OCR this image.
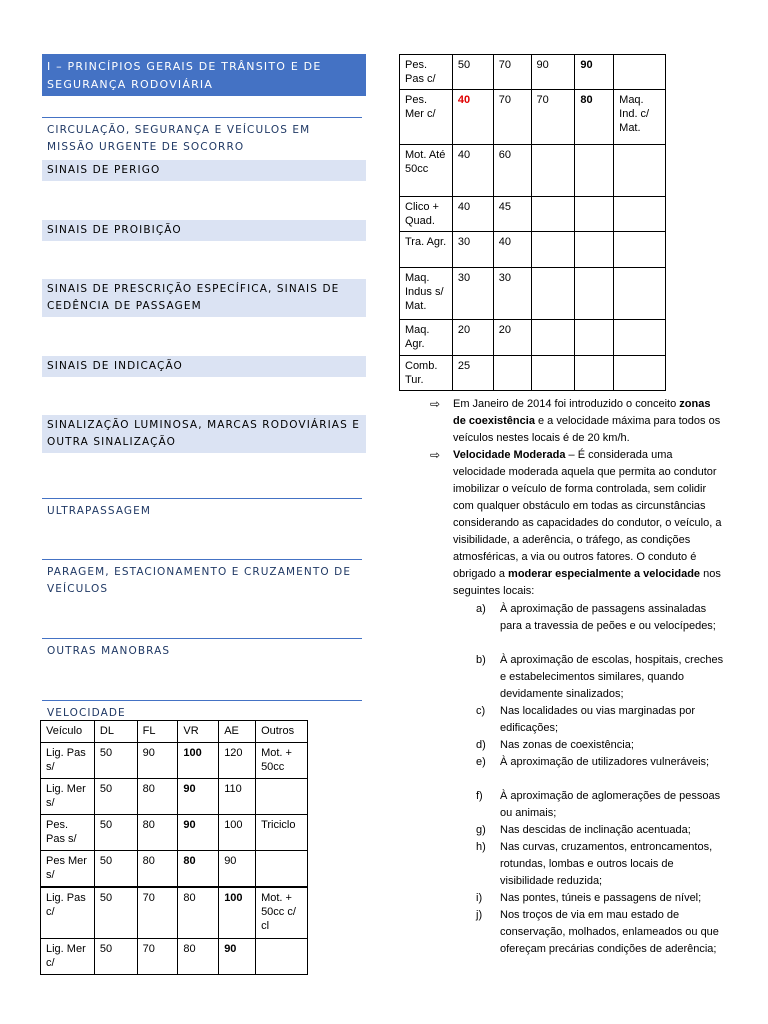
I – PRINCÍPIOS GERAIS DE TRÂNSITO E DE SEGURANÇA RODOVIÁRIA
CIRCULAÇÃO, SEGURANÇA E VEÍCULOS EM MISSÃO URGENTE DE SOCORRO
SINAIS DE PERIGO
SINAIS DE PROIBIÇÃO
SINAIS DE PRESCRIÇÃO ESPECÍFICA, SINAIS DE CEDÊNCIA DE PASSAGEM
SINAIS DE INDICAÇÃO
SINALIZAÇÃO LUMINOSA, MARCAS RODOVIÁRIAS E OUTRA SINALIZAÇÃO
ULTRAPASSAGEM
PARAGEM, ESTACIONAMENTO E CRUZAMENTO DE VEÍCULOS
OUTRAS MANOBRAS
VELOCIDADE
Veículo	DL	FL	VR	AE	Outros
Lig. Pas s/	50	90	100	120	Mot. + 50cc
Lig. Mer s/	50	80	90	110	
Pes. Pas s/	50	80	90	100	Triciclo
Pes Mer s/	50	80	80	90	
Lig. Pas c/	50	70	80	100	Mot. + 50cc c/ cl
Lig. Mer c/	50	70	80	90	
Pes. Pas c/	50	70	90	90	
Pes. Mer c/	40	70	70	80	Maq. Ind. c/ Mat.
Mot. Até 50cc	40	60			
Clico + Quad.	40	45			
Tra. Agr.	30	40			
Maq. Indus s/ Mat.	30	30			
Maq. Agr.	20	20			
Comb. Tur.	25				
⇨ Em Janeiro de 2014 foi introduzido o conceito zonas de coexistência e a velocidade máxima para todos os veículos nestes locais é de 20 km/h.
⇨ Velocidade Moderada – É considerada uma velocidade moderada aquela que permita ao condutor imobilizar o veículo de forma controlada, sem colidir com qualquer obstáculo em todas as circunstâncias considerando as capacidades do condutor, o veículo, a visibilidade, a aderência, o tráfego, as condições atmosféricas, a via ou outros fatores. O conduto é obrigado a moderar especialmente a velocidade nos seguintes locais:
a) À aproximação de passagens assinaladas para a travessia de peões e ou velocípedes;
b) À aproximação de escolas, hospitais, creches e estabelecimentos similares, quando devidamente sinalizados;
c) Nas localidades ou vias marginadas por edificações;
d) Nas zonas de coexistência;
e) À aproximação de utilizadores vulneráveis;
f) À aproximação de aglomerações de pessoas ou animais;
g) Nas descidas de inclinação acentuada;
h) Nas curvas, cruzamentos, entroncamentos, rotundas, lombas e outros locais de visibilidade reduzida;
i) Nas pontes, túneis e passagens de nível;
j) Nos troços de via em mau estado de conservação, molhados, enlameados ou que ofereçam precárias condições de aderência;
